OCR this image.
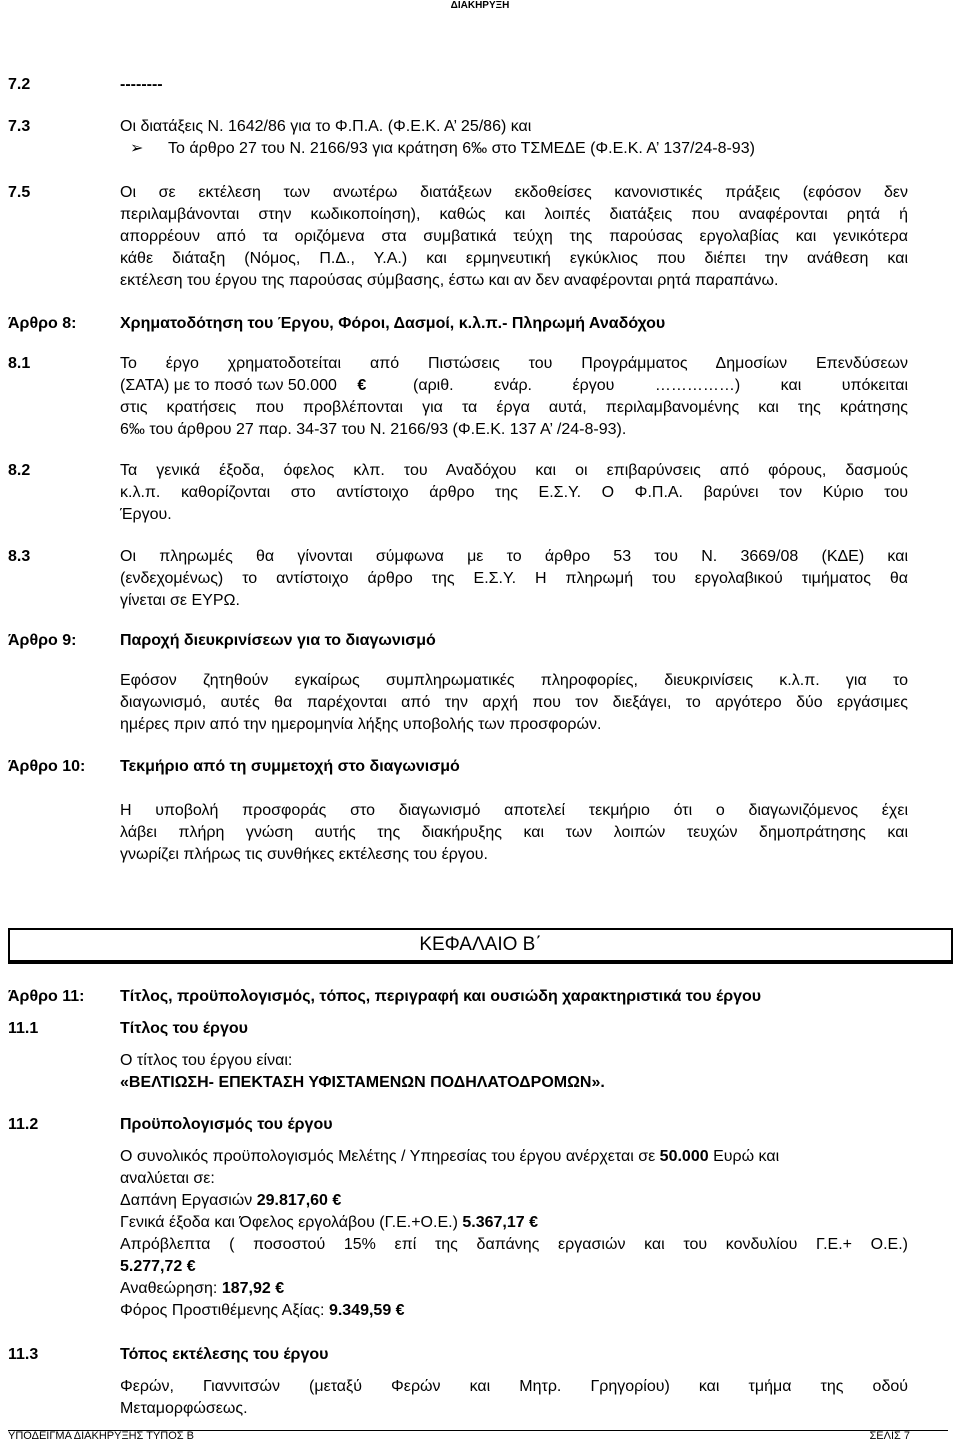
ΔΙΑΚΗΡΥΞΗ
7.2	--------
7.3	Οι διατάξεις Ν. 1642/86 για το Φ.Π.Α. (Φ.Ε.Κ. Α’ 25/86) και
➢ Το άρθρο 27 του Ν. 2166/93 για κράτηση 6‰ στο ΤΣΜΕΔΕ (Φ.Ε.Κ. Α’ 137/24-8-93)
7.5	Οι σε εκτέλεση των ανωτέρω διατάξεων εκδοθείσες κανονιστικές πράξεις (εφόσον δεν
περιλαμβάνονται στην κωδικοποίηση), καθώς και λοιπές διατάξεις που αναφέρονται ρητά ή
απορρέουν από τα οριζόμενα στα συμβατικά τεύχη της παρούσας εργολαβίας και γενικότερα
κάθε διάταξη (Νόμος, Π.Δ., Υ.Α.) και ερμηνευτική εγκύκλιος που διέπει την ανάθεση και
εκτέλεση του έργου της παρούσας σύμβασης, έστω και αν δεν αναφέρονται ρητά παραπάνω.
Άρθρο 8:	Χρηματοδότηση του Έργου, Φόροι, Δασμοί, κ.λ.π.- Πληρωμή Αναδόχου
8.1	Το έργο χρηματοδοτείται από Πιστώσεις του Προγράμματος Δημοσίων Επενδύσεων
(ΣΑΤΑ) με το ποσό των 50.000 €	(αριθ. ενάρ. έργου ……………) και υπόκειται
στις κρατήσεις που προβλέπονται για τα έργα αυτά, περιλαμβανομένης και της κράτησης
6‰ του άρθρου 27 παρ. 34-37 του Ν. 2166/93 (Φ.Ε.Κ. 137 Α’ /24-8-93).
8.2	Τα γενικά έξοδα, όφελος κλπ. του Αναδόχου και οι επιβαρύνσεις από φόρους, δασμούς
κ.λ.π. καθορίζονται στο αντίστοιχο άρθρο της Ε.Σ.Υ. Ο Φ.Π.Α. βαρύνει τον Κύριο του
Έργου.
8.3	Οι πληρωμές θα γίνονται σύμφωνα με το άρθρο 53 του Ν. 3669/08 (ΚΔΕ) και
(ενδεχομένως) το αντίστοιχο άρθρο της Ε.Σ.Υ. Η πληρωμή του εργολαβικού τιμήματος θα
γίνεται σε ΕΥΡΩ.
Άρθρο 9:	Παροχή διευκρινίσεων για το διαγωνισμό
Εφόσον ζητηθούν εγκαίρως συμπληρωματικές πληροφορίες, διευκρινίσεις κ.λ.π. για το
διαγωνισμό, αυτές θα παρέχονται από την αρχή που τον διεξάγει, το αργότερο δύο εργάσιμες
ημέρες πριν από την ημερομηνία λήξης υποβολής των προσφορών.
Άρθρο 10: Τεκμήριο από τη συμμετοχή στο διαγωνισμό
Η υποβολή προσφοράς στο διαγωνισμό αποτελεί τεκμήριο ότι ο διαγωνιζόμενος έχει
λάβει πλήρη γνώση αυτής της διακήρυξης και των λοιπών τευχών δημοπράτησης και
γνωρίζει πλήρως τις συνθήκες εκτέλεσης του έργου.
ΚΕΦΑΛΑΙΟ Β΄
Άρθρο 11: Τίτλος, προϋπολογισμός, τόπος, περιγραφή και ουσιώδη χαρακτηριστικά του έργου
11.1	Τίτλος του έργου
Ο τίτλος του έργου είναι:
«ΒΕΛΤΙΩΣΗ- ΕΠΕΚΤΑΣΗ ΥΦΙΣΤΑΜΕΝΩΝ ΠΟΔΗΛΑΤΟΔΡΟΜΩΝ».
11.2	Προϋπολογισμός του έργου
Ο συνολικός προϋπολογισμός Μελέτης / Υπηρεσίας του έργου ανέρχεται σε 50.000 Ευρώ και
αναλύεται σε:
Δαπάνη Εργασιών 29.817,60 €
Γενικά έξοδα και Όφελος εργολάβου (Γ.Ε.+Ο.Ε.) 5.367,17 €
Απρόβλεπτα ( ποσοστού 15% επί της δαπάνης εργασιών και του κονδυλίου Γ.Ε.+ Ο.Ε.)
5.277,72 €
Αναθεώρηση: 187,92 €
Φόρος Προστιθέμενης Αξίας: 9.349,59 €
11.3	Τόπος εκτέλεσης του έργου
Φερών, Γιαννιτσών (μεταξύ Φερών και Μητρ. Γρηγορίου) και τμήμα της οδού
Μεταμορφώσεως.
ΥΠΟΔΕΙΓΜΑ ΔΙΑΚΗΡΥΞΗΣ ΤΥΠΟΣ Β	ΣΕΛΙΣ 7
